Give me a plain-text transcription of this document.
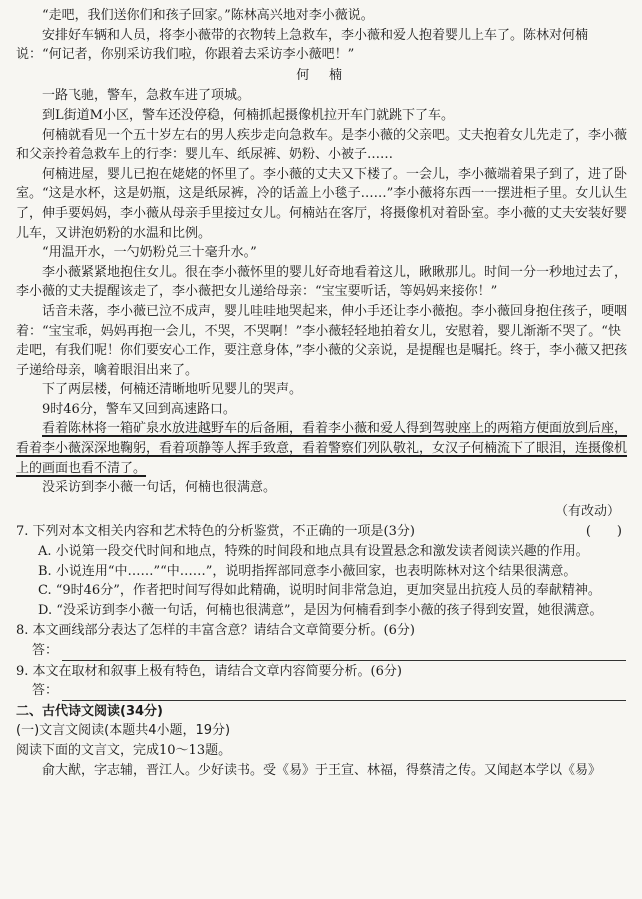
“走吧，我们送你们和孩子回家。”陈林高兴地对李小薇说。

安排好车辆和人员，将李小薇带的衣物转上急救车，李小薇和爱人抱着婴儿上车了。陈林对何楠说：“何记者，你别采访我们啦，你跟着去采访李小薇吧！”

何 楠

一路飞驰，警车，急救车进了项城。

到L街道M小区，警车还没停稳，何楠抓起摄像机拉开车门就跳下了车。

何楠就看见一个五十岁左右的男人疾步走向急救车。是李小薇的父亲吧。丈夫抱着女儿先走了，李小薇和父亲拎着急救车上的行李：婴儿车、纸尿裤、奶粉、小被子……

何楠进屋，婴儿已抱在姥姥的怀里了。李小薇的丈夫又下楼了。一会儿，李小薇端着果子到了，进了卧室。“这是水杯，这是奶瓶，这是纸尿裤，冷的话盖上小毯子……”李小薇将东西一一摆进柜子里。女儿认生了，伸手要妈妈，李小薇从母亲手里接过女儿。何楠站在客厅，将摄像机对着卧室。李小薇的丈夫安装好婴儿车，又讲泡奶粉的水温和比例。

“用温开水，一勺奶粉兑三十毫升水。”

李小薇紧紧地抱住女儿。很在李小薇怀里的婴儿好奇地看着这儿，瞅瞅那儿。时间一分一秒地过去了，李小薇的丈夫提醒该走了，李小薇把女儿递给母亲：“宝宝要听话，等妈妈来接你！”

话音未落，李小薇已泣不成声，婴儿哇哇地哭起来，伸小手还让李小薇抱。李小薇回身抱住孩子，哽咽着：“宝宝乖，妈妈再抱一会儿，不哭，不哭啊！”李小薇轻轻地拍着女儿，安慰着，婴儿渐渐不哭了。“快走吧，有我们呢！你们要安心工作，要注意身体，”李小薇的父亲说，是提醒也是嘱托。终于，李小薇又把孩子递给母亲，噙着眼泪出来了。

下了两层楼，何楠还清晰地听见婴儿的哭声。

9时46分，警车又回到高速路口。

看着陈林将一箱矿泉水放进越野车的后备厢，看着李小薇和爱人得到驾驶座上的两箱方便面放到后座，看着李小薇深深地鞠躬，看着项静等人挥手致意，看着警察们列队敬礼，女汉子何楠流下了眼泪，连摄像机上的画面也看不清了。

没采访到李小薇一句话，何楠也很满意。

（有改动）

7. 下列对本文相关内容和艺术特色的分析鉴赏，不正确的一项是(3分)	(　　)

A. 小说第一段交代时间和地点，特殊的时间段和地点具有设置悬念和激发读者阅读兴趣的作用。

B. 小说连用“中……”“中……”，说明指挥部同意李小薇回家，也表明陈林对这个结果很满意。

C. “9时46分”，作者把时间写得如此精确，说明时间非常急迫，更加突显出抗疫人员的奉献精神。

D. “没采访到李小薇一句话，何楠也很满意”，是因为何楠看到李小薇的孩子得到安置，她很满意。

8. 本文画线部分表达了怎样的丰富含意？请结合文章简要分析。(6分)

答：

9. 本文在取材和叙事上极有特色，请结合文章内容简要分析。(6分)

答：

二、古代诗文阅读(34分)

(一)文言文阅读(本题共4小题，19分)

阅读下面的文言文，完成10～13题。

俞大猷，字志辅，晋江人。少好读书。受《易》于王宣、林福，得蔡清之传。又闻赵本学以《易》
